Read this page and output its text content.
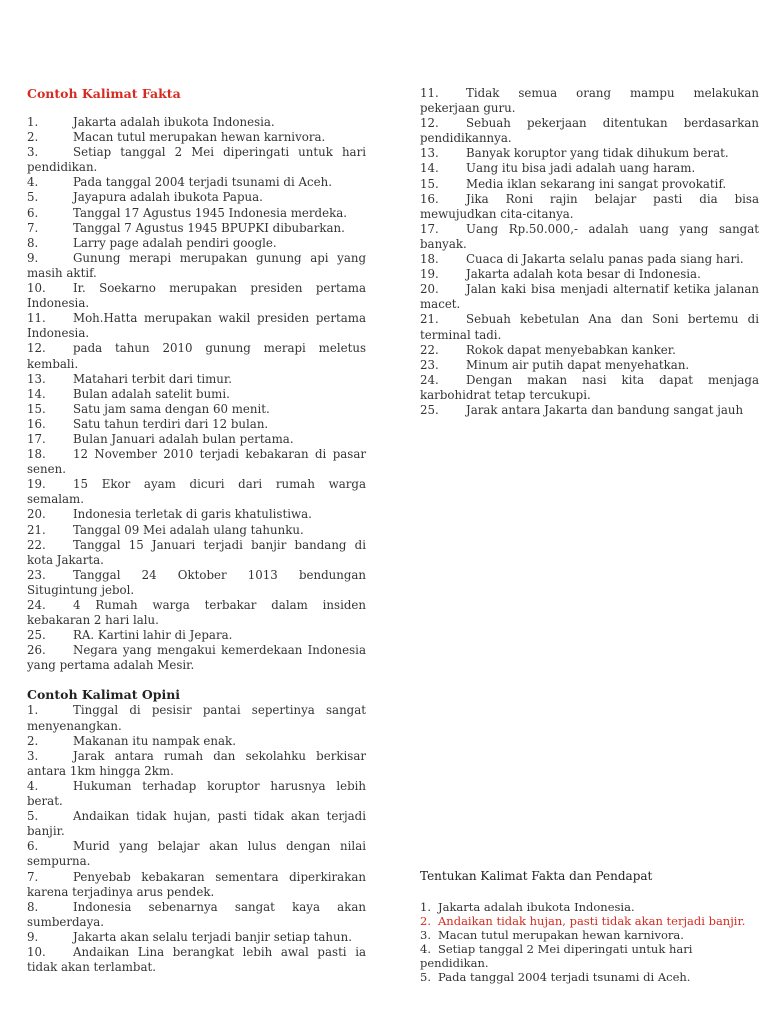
Contoh Kalimat Fakta
1.	Jakarta adalah ibukota Indonesia.
2.	Macan tutul merupakan hewan karnivora.
3.	Setiap tanggal 2 Mei diperingati untuk hari pendidikan.
4.	Pada tanggal 2004 terjadi tsunami di Aceh.
5.	Jayapura adalah ibukota Papua.
6.	Tanggal 17 Agustus 1945 Indonesia merdeka.
7.	Tanggal 7 Agustus 1945 BPUPKI dibubarkan.
8.	Larry page adalah pendiri google.
9.	Gunung merapi merupakan gunung api yang masih aktif.
10. Ir. Soekarno merupakan presiden pertama Indonesia.
11. Moh.Hatta merupakan wakil presiden pertama Indonesia.
12. pada tahun 2010 gunung merapi meletus kembali.
13. Matahari terbit dari timur.
14. Bulan adalah satelit bumi.
15. Satu jam sama dengan 60 menit.
16. Satu tahun terdiri dari 12 bulan.
17. Bulan Januari adalah bulan pertama.
18. 12 November 2010 terjadi kebakaran di pasar senen.
19. 15 Ekor ayam dicuri dari rumah warga semalam.
20. Indonesia terletak di garis khatulistiwa.
21. Tanggal 09 Mei adalah ulang tahunku.
22. Tanggal 15 Januari terjadi banjir bandang di kota Jakarta.
23. Tanggal 24 Oktober 1013 bendungan Situgintung jebol.
24. 4 Rumah warga terbakar dalam insiden kebakaran 2 hari lalu.
25. RA. Kartini lahir di Jepara.
26. Negara yang mengakui kemerdekaan Indonesia yang pertama adalah Mesir.
Contoh Kalimat Opini
1.	Tinggal di pesisir pantai sepertinya sangat menyenangkan.
2.	Makanan itu nampak enak.
3.	Jarak antara rumah dan sekolahku berkisar antara 1km hingga 2km.
4.	Hukuman terhadap koruptor harusnya lebih berat.
5.	Andaikan tidak hujan, pasti tidak akan terjadi banjir.
6.	Murid yang belajar akan lulus dengan nilai sempurna.
7.	Penyebab kebakaran sementara diperkirakan karena terjadinya arus pendek.
8.	Indonesia sebenarnya sangat kaya akan sumberdaya.
9.	Jakarta akan selalu terjadi banjir setiap tahun.
10. Andaikan Lina berangkat lebih awal pasti ia tidak akan terlambat.
11. Tidak semua orang mampu melakukan pekerjaan guru.
12. Sebuah pekerjaan ditentukan berdasarkan pendidikannya.
13. Banyak koruptor yang tidak dihukum berat.
14. Uang itu bisa jadi adalah uang haram.
15. Media iklan sekarang ini sangat provokatif.
16. Jika Roni rajin belajar pasti dia bisa mewujudkan cita-citanya.
17. Uang Rp.50.000,- adalah uang yang sangat banyak.
18. Cuaca di Jakarta selalu panas pada siang hari.
19. Jakarta adalah kota besar di Indonesia.
20. Jalan kaki bisa menjadi alternatif ketika jalanan macet.
21. Sebuah kebetulan Ana dan Soni bertemu di terminal tadi.
22. Rokok dapat menyebabkan kanker.
23. Minum air putih dapat menyehatkan.
24. Dengan makan nasi kita dapat menjaga karbohidrat tetap tercukupi.
25. Jarak antara Jakarta dan bandung sangat jauh
Tentukan Kalimat Fakta dan Pendapat
1. Jakarta adalah ibukota Indonesia.
2. Andaikan tidak hujan, pasti tidak akan terjadi banjir.
3. Macan tutul merupakan hewan karnivora.
4. Setiap tanggal 2 Mei diperingati untuk hari pendidikan.
5. Pada tanggal 2004 terjadi tsunami di Aceh.
